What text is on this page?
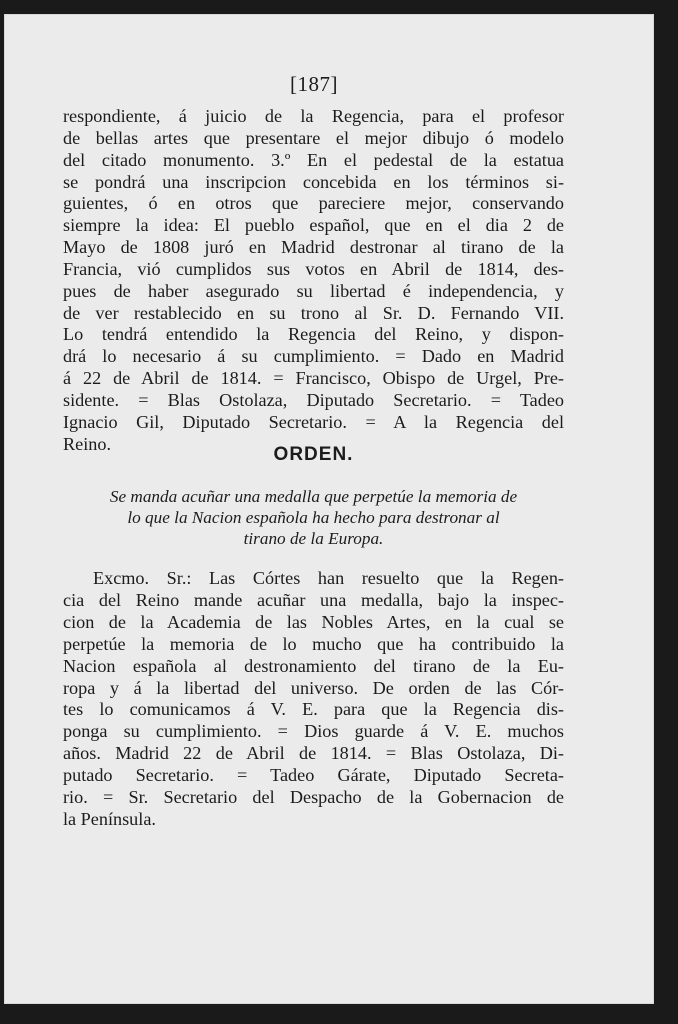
[187]
respondiente, á juicio de la Regencia, para el profesor
de bellas artes que presentare el mejor dibujo ó modelo
del citado monumento. 3.º En el pedestal de la estatua
se pondrá una inscripcion concebida en los términos si-
guientes, ó en otros que pareciere mejor, conservando
siempre la idea: El pueblo español, que en el dia 2 de
Mayo de 1808 juró en Madrid destronar al tirano de la
Francia, vió cumplidos sus votos en Abril de 1814, des-
pues de haber asegurado su libertad é independencia, y
de ver restablecido en su trono al Sr. D. Fernando VII.
Lo tendrá entendido la Regencia del Reino, y dispon-
drá lo necesario á su cumplimiento. = Dado en Madrid
á 22 de Abril de 1814. = Francisco, Obispo de Urgel, Pre-
sidente. = Blas Ostolaza, Diputado Secretario. = Tadeo
Ignacio Gil, Diputado Secretario. = A la Regencia del
Reino.
ORDEN.
Se manda acuñar una medalla que perpetúe la memoria de
lo que la Nacion española ha hecho para destronar al
tirano de la Europa.
Excmo. Sr.: Las Córtes han resuelto que la Regen-
cia del Reino mande acuñar una medalla, bajo la inspec-
cion de la Academia de las Nobles Artes, en la cual se
perpetúe la memoria de lo mucho que ha contribuido la
Nacion española al destronamiento del tirano de la Eu-
ropa y á la libertad del universo. De orden de las Cór-
tes lo comunicamos á V. E. para que la Regencia dis-
ponga su cumplimiento. = Dios guarde á V. E. muchos
años. Madrid 22 de Abril de 1814. = Blas Ostolaza, Di-
putado Secretario. = Tadeo Gárate, Diputado Secreta-
rio. = Sr. Secretario del Despacho de la Gobernacion de
la Península.
